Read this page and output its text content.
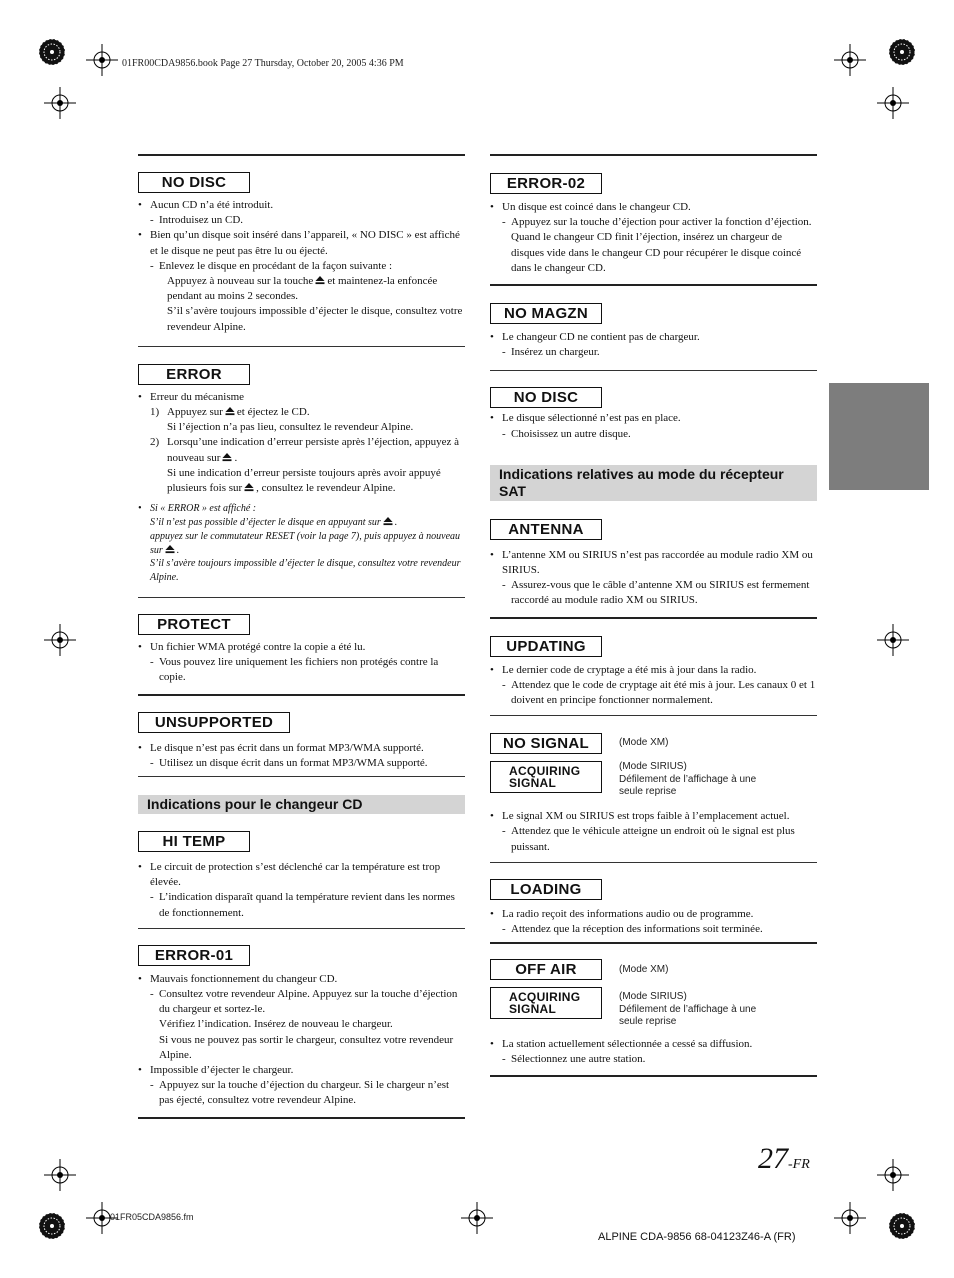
01FR00CDA9856.book Page 27 Thursday, October 20, 2005 4:36 PM
NO DISC
• Aucun CD n’a été introduit.
- Introduisez un CD.
• Bien qu’un disque soit inséré dans l’appareil, « NO DISC » est affiché et le disque ne peut pas être lu ou éjecté.
- Enlevez le disque en procédant de la façon suivante :
Appuyez à nouveau sur la touche et maintenez-la enfoncée pendant au moins 2 secondes.
S’il s’avère toujours impossible d’éjecter le disque, consultez votre revendeur Alpine.
ERROR
• Erreur du mécanisme
1) Appuyez sur et éjectez le CD.
Si l’éjection n’a pas lieu, consultez le revendeur Alpine.
2) Lorsqu’une indication d’erreur persiste après l’éjection, appuyez à nouveau sur .
Si une indication d’erreur persiste toujours après avoir appuyé plusieurs fois sur , consultez le revendeur Alpine.
• Si « ERROR » est affiché :
S’il n’est pas possible d’éjecter le disque en appuyant sur .
appuyez sur le commutateur RESET (voir la page 7), puis appuyez à nouveau sur .
S’il s’avère toujours impossible d’éjecter le disque, consultez votre revendeur Alpine.
PROTECT
• Un fichier WMA protégé contre la copie a été lu.
- Vous pouvez lire uniquement les fichiers non protégés contre la copie.
UNSUPPORTED
• Le disque n’est pas écrit dans un format MP3/WMA supporté.
- Utilisez un disque écrit dans un format MP3/WMA supporté.
Indications pour le changeur CD
HI TEMP
• Le circuit de protection s’est déclenché car la température est trop élevée.
- L’indication disparaît quand la température revient dans les normes de fonctionnement.
ERROR-01
• Mauvais fonctionnement du changeur CD.
- Consultez votre revendeur Alpine. Appuyez sur la touche d’éjection du chargeur et sortez-le.
Vérifiez l’indication. Insérez de nouveau le chargeur.
Si vous ne pouvez pas sortir le chargeur, consultez votre revendeur Alpine.
• Impossible d’éjecter le chargeur.
- Appuyez sur la touche d’éjection du chargeur. Si le chargeur n’est pas éjecté, consultez votre revendeur Alpine.
ERROR-02
• Un disque est coincé dans le changeur CD.
- Appuyez sur la touche d’éjection pour activer la fonction d’éjection. Quand le changeur CD finit l’éjection, insérez un chargeur de disques vide dans le changeur CD pour récupérer le disque coincé dans le changeur CD.
NO MAGZN
• Le changeur CD ne contient pas de chargeur.
- Insérez un chargeur.
NO DISC
• Le disque sélectionné n’est pas en place.
- Choisissez un autre disque.
Indications relatives au mode du récepteur SAT
ANTENNA
• L’antenne XM ou SIRIUS n’est pas raccordée au module radio XM ou SIRIUS.
- Assurez-vous que le câble d’antenne XM ou SIRIUS est fermement raccordé au module radio XM ou SIRIUS.
UPDATING
• Le dernier code de cryptage a été mis à jour dans la radio.
- Attendez que le code de cryptage ait été mis à jour. Les canaux 0 et 1 doivent en principe fonctionner normalement.
NO SIGNAL	(Mode XM)
ACQUIRING
SIGNAL
(Mode SIRIUS)
Défilement de l’affichage à une
seule reprise
• Le signal XM ou SIRIUS est trops faible à l’emplacement actuel.
- Attendez que le véhicule atteigne un endroit où le signal est plus puissant.
LOADING
• La radio reçoit des informations audio ou de programme.
- Attendez que la réception des informations soit terminée.
OFF AIR	(Mode XM)
ACQUIRING
SIGNAL
(Mode SIRIUS)
Défilement de l’affichage à une
seule reprise
• La station actuellement sélectionnée a cessé sa diffusion.
- Sélectionnez une autre station.
27-FR
01FR05CDA9856.fm
ALPINE CDA-9856 68-04123Z46-A (FR)
